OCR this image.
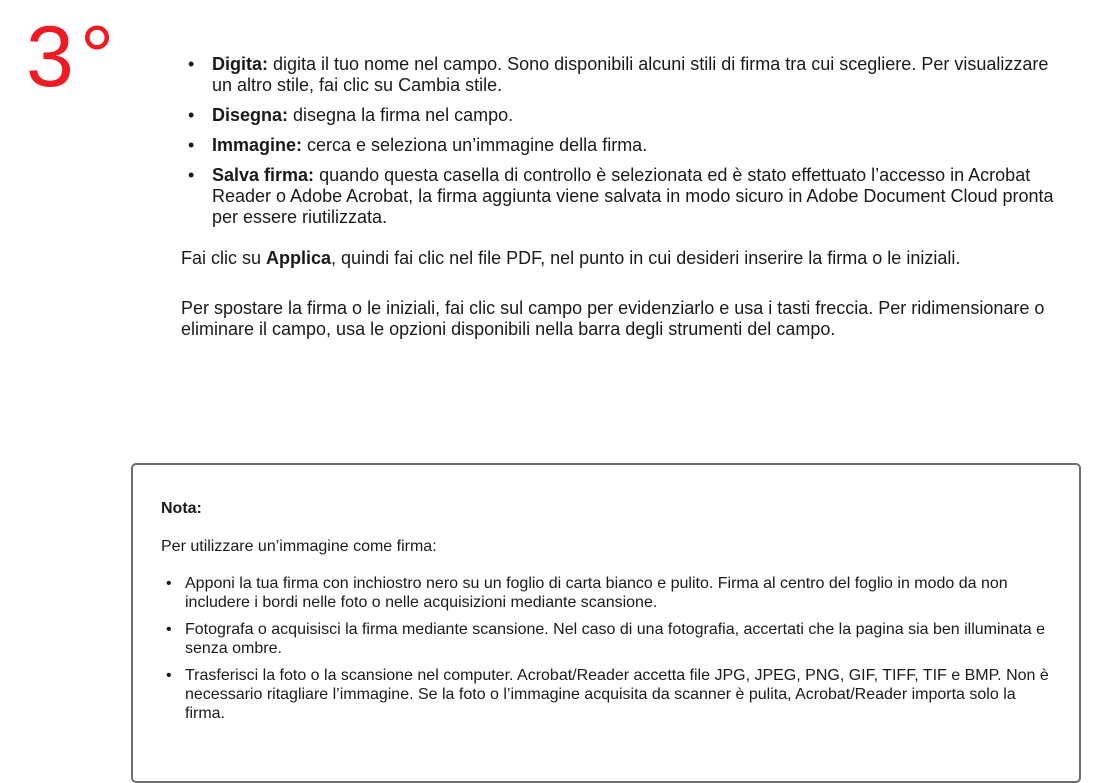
3°	• Digita: digita il tuo nome nel campo. Sono disponibili alcuni stili di firma tra cui scegliere. Per visualizzare un altro stile, fai clic su Cambia stile.
• Disegna: disegna la firma nel campo.
• Immagine: cerca e seleziona un’immagine della firma.
• Salva firma: quando questa casella di controllo è selezionata ed è stato effettuato l’accesso in Acrobat Reader o Adobe Acrobat, la firma aggiunta viene salvata in modo sicuro in Adobe Document Cloud pronta per essere riutilizzata.

Fai clic su Applica, quindi fai clic nel file PDF, nel punto in cui desideri inserire la firma o le iniziali.

Per spostare la firma o le iniziali, fai clic sul campo per evidenziarlo e usa i tasti freccia. Per ridimensionare o eliminare il campo, usa le opzioni disponibili nella barra degli strumenti del campo.

Nota:

Per utilizzare un’immagine come firma:

• Apponi la tua firma con inchiostro nero su un foglio di carta bianco e pulito. Firma al centro del foglio in modo da non includere i bordi nelle foto o nelle acquisizioni mediante scansione.
• Fotografa o acquisisci la firma mediante scansione. Nel caso di una fotografia, accertati che la pagina sia ben illuminata e senza ombre.
• Trasferisci la foto o la scansione nel computer. Acrobat/Reader accetta file JPG, JPEG, PNG, GIF, TIFF, TIF e BMP. Non è necessario ritagliare l’immagine. Se la foto o l’immagine acquisita da scanner è pulita, Acrobat/Reader importa solo la firma.
